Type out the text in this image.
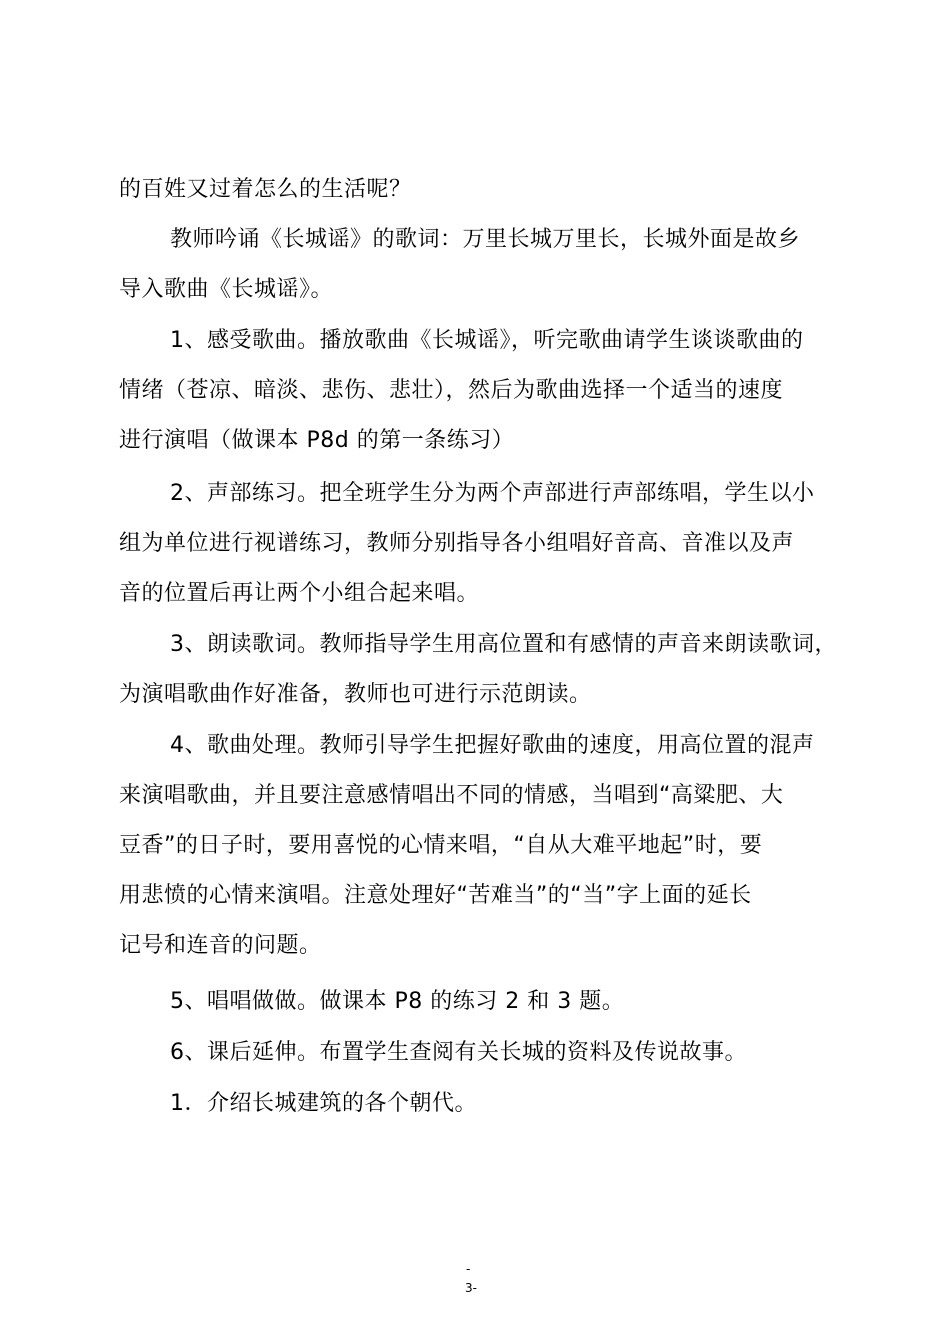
的百姓又过着怎么的生活呢？
教师吟诵《长城谣》的歌词：万里长城万里长，长城外面是故乡
导入歌曲《长城谣》。
1、感受歌曲。播放歌曲《长城谣》，听完歌曲请学生谈谈歌曲的
情绪（苍凉、暗淡、悲伤、悲壮），然后为歌曲选择一个适当的速度
进行演唱（做课本 P8d 的第一条练习）
2、声部练习。把全班学生分为两个声部进行声部练唱，学生以小
组为单位进行视谱练习，教师分别指导各小组唱好音高、音准以及声
音的位置后再让两个小组合起来唱。
3、朗读歌词。教师指导学生用高位置和有感情的声音来朗读歌词，
为演唱歌曲作好准备，教师也可进行示范朗读。
4、歌曲处理。教师引导学生把握好歌曲的速度，用高位置的混声
来演唱歌曲，并且要注意感情唱出不同的情感，当唱到“高粱肥、大
豆香”的日子时，要用喜悦的心情来唱，“自从大难平地起”时，要
用悲愤的心情来演唱。注意处理好“苦难当”的“当”字上面的延长
记号和连音的问题。
5、唱唱做做。做课本 P8 的练习 2 和 3 题。
6、课后延伸。布置学生查阅有关长城的资料及传说故事。
1．介绍长城建筑的各个朝代。
-
3-
